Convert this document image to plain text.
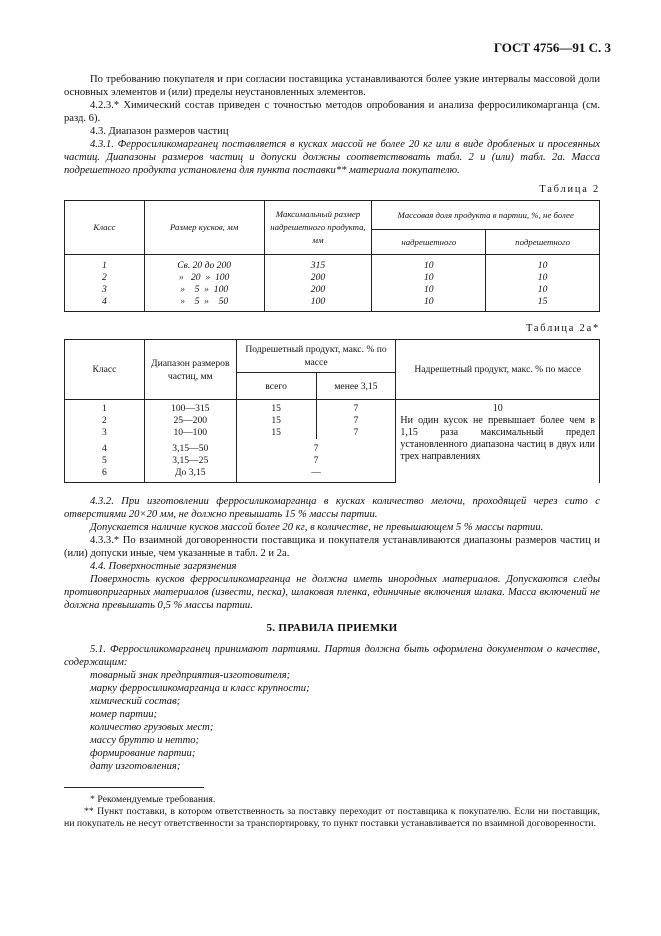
ГОСТ 4756—91 С. 3

По требованию покупателя и при согласии поставщика устанавливаются более узкие интервалы массовой доли основных элементов и (или) пределы неустановленных элементов.

4.2.3.* Химический состав приведен с точностью методов опробования и анализа ферросиликомарганца (см. разд. 6).

4.3. Диапазон размеров частиц

4.3.1. Ферросиликомарганец поставляется в кусках массой не более 20 кг или в виде дробленых и просеянных частиц. Диапазоны размеров частиц и допуски должны соответствовать табл. 2 и (или) табл. 2а. Масса подрешетного продукта установлена для пункта поставки** материала покупателю.

Таблица 2
Класс	Размер кусков, мм	Максимальный размер надрешетного продукта, мм	Массовая доля продукта в партии, %, не более	
			надрешетного	подрешетного
1	Св. 20 до 200	315	10	10
2	»   20  »  100	200	10	10
3	»    5  »  100	200	10	10
4	»    5  »    50	100	10	15
Таблица 2а*
Класс	Диапазон размеров частиц, мм	Подрешетный продукт, макс. % по массе		Надрешетный продукт, макс. % по массе
		всего	менее 3,15	
1	100—315	15	7	10
Ни один кусок не превышает более чем в 1,15 раза максимальный предел установленного диапазона частиц в двух или трех направлениях

2	25—200	15	7	
3	10—100	15	7	
4	3,15—50	7		
5	3,15—25	7		
6	До 3,15	—		

4.3.2. При изготовлении ферросиликомарганца в кусках количество мелочи, проходящей через сито с отверстиями 20×20 мм, не должно превышать 15 % массы партии.

Допускается наличие кусков массой более 20 кг, в количестве, не превышающем 5 % массы партии.

4.3.3.* По взаимной договоренности поставщика и покупателя устанавливаются диапазоны размеров частиц и (или) допуски иные, чем указанные в табл. 2 и 2а.

4.4. Поверхностные загрязнения

Поверхность кусков ферросиликомарганца не должна иметь инородных материалов. Допускаются следы противопригарных материалов (извести, песка), шлаковая пленка, единичные включения шлака. Масса включений не должна превышать 0,5 % массы партии.

5. ПРАВИЛА ПРИЕМКИ

5.1. Ферросиликомарганец принимают партиями. Партия должна быть оформлена документом о качестве, содержащим:

товарный знак предприятия-изготовителя;
марку ферросиликомарганца и класс крупности;
химический состав;
номер партии;
количество грузовых мест;
массу брутто и нетто;
формирование партии;
дату изготовления;
* Рекомендуемые требования.
** Пункт поставки, в котором ответственность за поставку переходит от поставщика к покупателю. Если ни поставщик, ни покупатель не несут ответственности за транспортировку, то пункт поставки устанавливается по взаимной договоренности.
